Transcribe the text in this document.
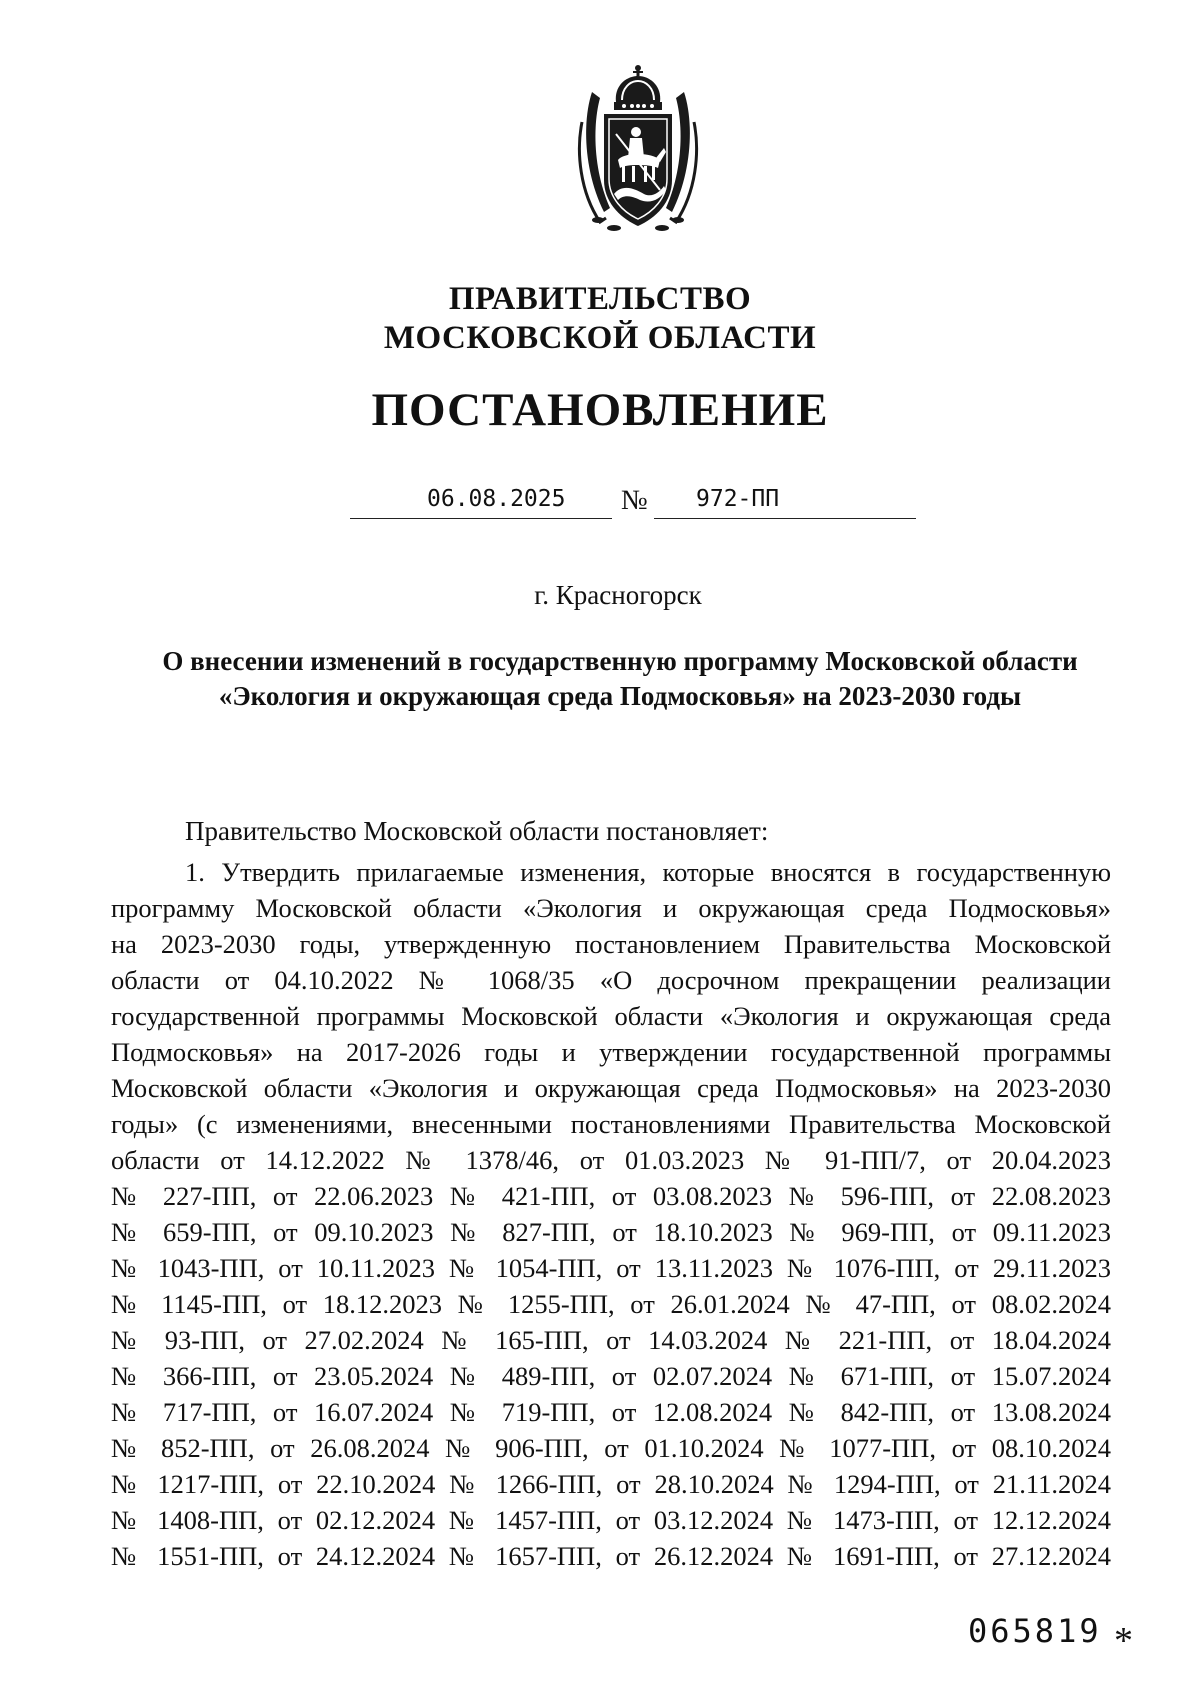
ПРАВИТЕЛЬСТВО
МОСКОВСКОЙ ОБЛАСТИ
ПОСТАНОВЛЕНИЕ
06.08.2025 № 972-ПП
г. Красногорск
О внесении изменений в государственную программу Московской области
«Экология и окружающая среда Подмосковья» на 2023-2030 годы
Правительство Московской области постановляет:
1. Утвердить прилагаемые изменения, которые вносятся в государственную
программу Московской области «Экология и окружающая среда Подмосковья»
на 2023-2030 годы, утвержденную постановлением Правительства Московской
области от 04.10.2022 № 1068/35 «О досрочном прекращении реализации
государственной программы Московской области «Экология и окружающая среда
Подмосковья» на 2017-2026 годы и утверждении государственной программы
Московской области «Экология и окружающая среда Подмосковья» на 2023-2030
годы» (с изменениями, внесенными постановлениями Правительства Московской
области от 14.12.2022 № 1378/46, от 01.03.2023 № 91-ПП/7, от 20.04.2023
№ 227-ПП, от 22.06.2023 № 421-ПП, от 03.08.2023 № 596-ПП, от 22.08.2023
№ 659-ПП, от 09.10.2023 № 827-ПП, от 18.10.2023 № 969-ПП, от 09.11.2023
№ 1043-ПП, от 10.11.2023 № 1054-ПП, от 13.11.2023 № 1076-ПП, от 29.11.2023
№ 1145-ПП, от 18.12.2023 № 1255-ПП, от 26.01.2024 № 47-ПП, от 08.02.2024
№ 93-ПП, от 27.02.2024 № 165-ПП, от 14.03.2024 № 221-ПП, от 18.04.2024
№ 366-ПП, от 23.05.2024 № 489-ПП, от 02.07.2024 № 671-ПП, от 15.07.2024
№ 717-ПП, от 16.07.2024 № 719-ПП, от 12.08.2024 № 842-ПП, от 13.08.2024
№ 852-ПП, от 26.08.2024 № 906-ПП, от 01.10.2024 № 1077-ПП, от 08.10.2024
№ 1217-ПП, от 22.10.2024 № 1266-ПП, от 28.10.2024 № 1294-ПП, от 21.11.2024
№ 1408-ПП, от 02.12.2024 № 1457-ПП, от 03.12.2024 № 1473-ПП, от 12.12.2024
№ 1551-ПП, от 24.12.2024 № 1657-ПП, от 26.12.2024 № 1691-ПП, от 27.12.2024
065819 *
